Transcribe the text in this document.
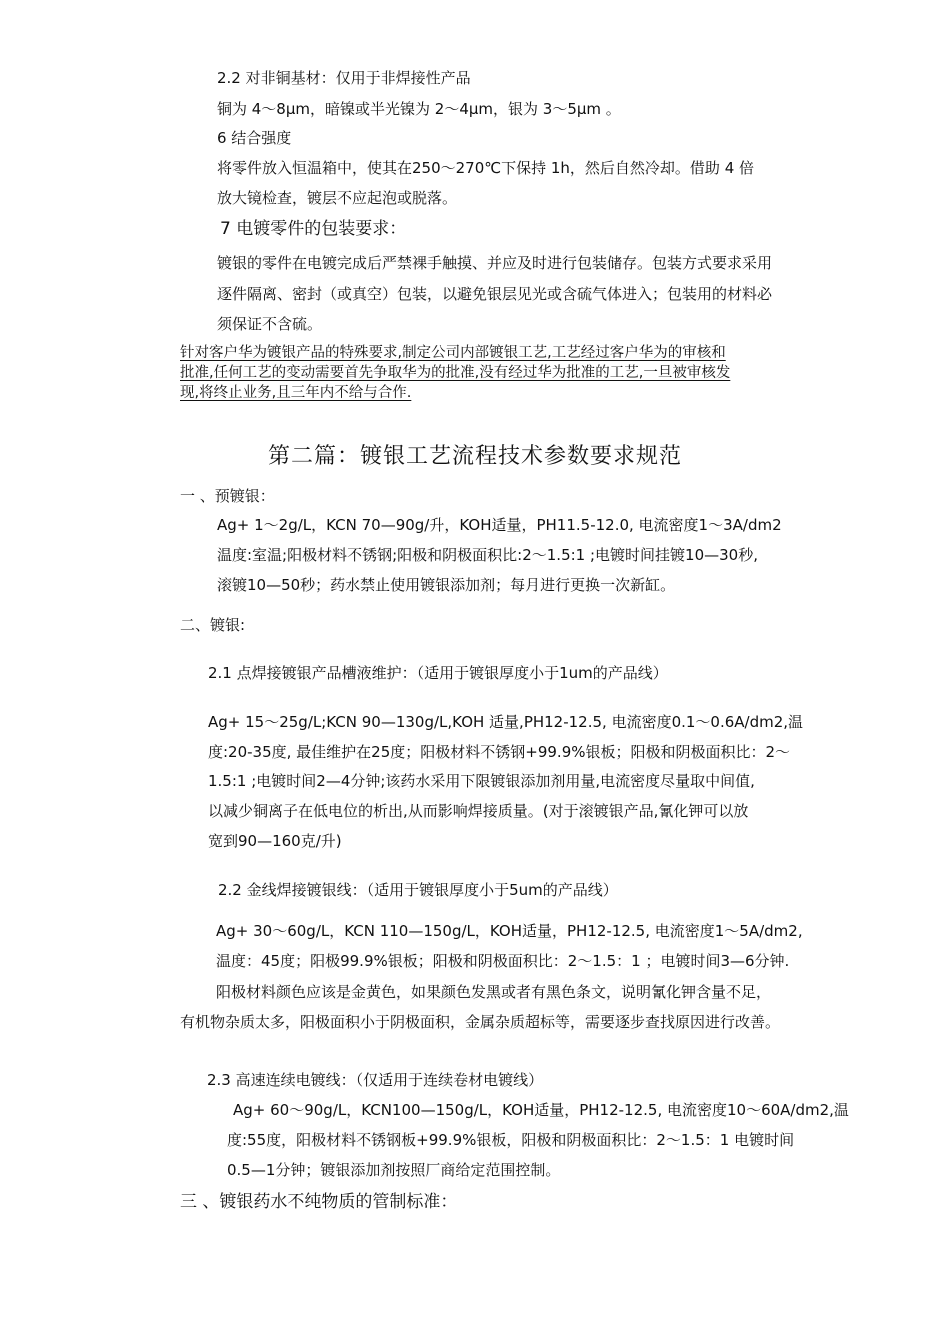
2.2 对非铜基材：仅用于非焊接性产品
铜为 4～8μm，暗镍或半光镍为 2～4μm，银为 3～5μm 。
6 结合强度
将零件放入恒温箱中，使其在250～270℃下保持 1h，然后自然冷却。借助 4 倍
放大镜检查，镀层不应起泡或脱落。
7 电镀零件的包装要求：
镀银的零件在电镀完成后严禁裸手触摸、并应及时进行包装储存。包装方式要求采用
逐件隔离、密封（或真空）包装，以避免银层见光或含硫气体进入；包装用的材料必
须保证不含硫。
针对客户华为镀银产品的特殊要求,制定公司内部镀银工艺,工艺经过客户华为的审核和
批准,任何工艺的变动需要首先争取华为的批准,没有经过华为批准的工艺,一旦被审核发
现,将终止业务,且三年内不给与合作.
第二篇：镀银工艺流程技术参数要求规范
一 、预镀银：
Ag+ 1～2g/L，KCN 70—90g/升，KOH适量，PH11.5-12.0, 电流密度1～3A/dm2
温度:室温;阳极材料不锈钢;阳极和阴极面积比:2～1.5:1 ;电镀时间挂镀10—30秒,
滚镀10—50秒；药水禁止使用镀银添加剂；每月进行更换一次新缸。
二、镀银:
2.1 点焊接镀银产品槽液维护：（适用于镀银厚度小于1um的产品线）
Ag+ 15～25g/L;KCN 90—130g/L,KOH 适量,PH12-12.5, 电流密度0.1～0.6A/dm2,温
度:20-35度, 最佳维护在25度；阳极材料不锈钢+99.9%银板；阳极和阴极面积比：2～
1.5:1 ;电镀时间2—4分钟;该药水采用下限镀银添加剂用量,电流密度尽量取中间值,
以减少铜离子在低电位的析出,从而影响焊接质量。(对于滚镀银产品,氰化钾可以放
宽到90—160克/升)
2.2 金线焊接镀银线：（适用于镀银厚度小于5um的产品线）
Ag+ 30～60g/L，KCN 110—150g/L，KOH适量，PH12-12.5, 电流密度1～5A/dm2,
温度：45度；阳极99.9%银板；阳极和阴极面积比：2～1.5：1 ；电镀时间3—6分钟.
阳极材料颜色应该是金黄色，如果颜色发黑或者有黑色条文，说明氰化钾含量不足，
有机物杂质太多，阳极面积小于阴极面积，金属杂质超标等，需要逐步查找原因进行改善。
2.3 高速连续电镀线：（仅适用于连续卷材电镀线）
Ag+ 60～90g/L，KCN100—150g/L，KOH适量，PH12-12.5, 电流密度10～60A/dm2,温
度:55度，阳极材料不锈钢板+99.9%银板，阳极和阴极面积比：2～1.5：1 电镀时间
0.5—1分钟；镀银添加剂按照厂商给定范围控制。
三 、镀银药水不纯物质的管制标准：
